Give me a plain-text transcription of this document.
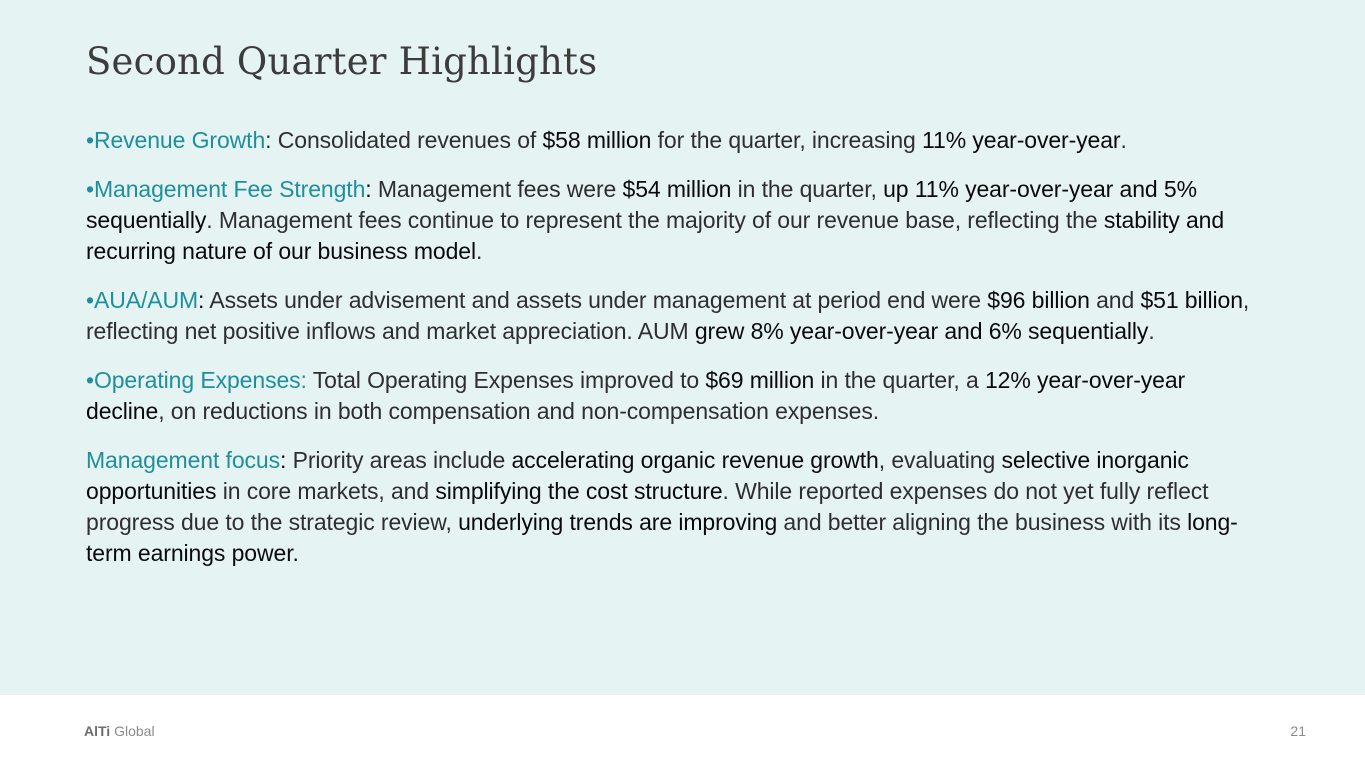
Second Quarter Highlights

•Revenue Growth: Consolidated revenues of $58 million for the quarter, increasing 11% year-over-year.

•Management Fee Strength: Management fees were $54 million in the quarter, up 11% year-over-year and 5% sequentially. Management fees continue to represent the majority of our revenue base, reflecting the stability and recurring nature of our business model.

•AUA/AUM: Assets under advisement and assets under management at period end were $96 billion and $51 billion, reflecting net positive inflows and market appreciation. AUM grew 8% year-over-year and 6% sequentially.

•Operating Expenses: Total Operating Expenses improved to $69 million in the quarter, a 12% year-over-year decline, on reductions in both compensation and non-compensation expenses.

Management focus: Priority areas include accelerating organic revenue growth, evaluating selective inorganic opportunities in core markets, and simplifying the cost structure. While reported expenses do not yet fully reflect progress due to the strategic review, underlying trends are improving and better aligning the business with its long-term earnings power.

AlTi Global	21
